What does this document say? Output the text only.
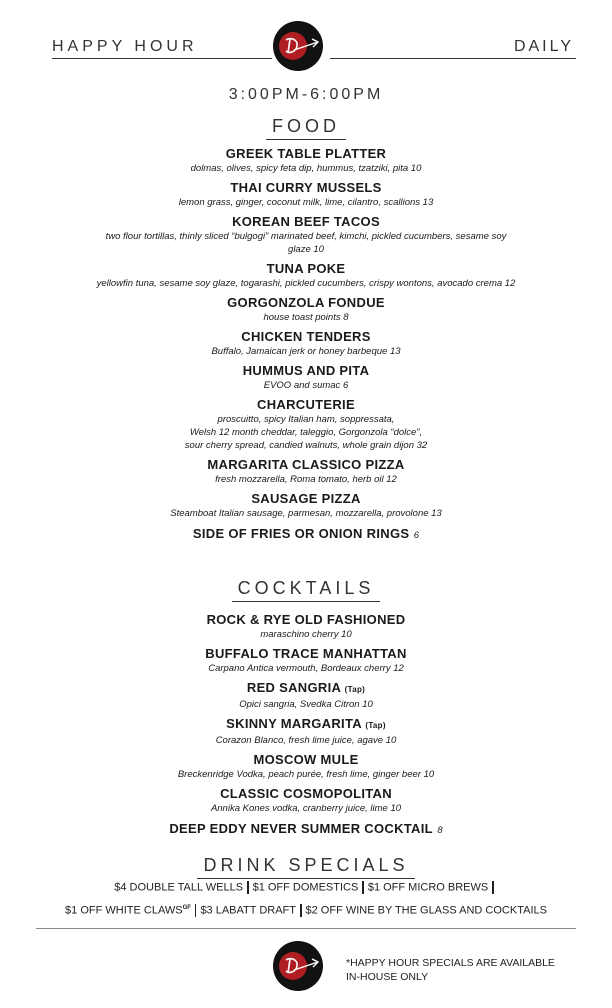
HAPPY HOUR	DAILY
3:00PM-6:00PM
FOOD
GREEK TABLE PLATTER
dolmas, olives, spicy feta dip, hummus, tzatziki, pita 10
THAI CURRY MUSSELS
lemon grass, ginger, coconut milk, lime, cilantro, scallions 13
KOREAN BEEF TACOS
two flour tortillas, thinly sliced “bulgogi” marinated beef, kimchi, pickled cucumbers, sesame soy
glaze 10
TUNA POKE
yellowfin tuna, sesame soy glaze, togarashi, pickled cucumbers, crispy wontons, avocado crema 12
GORGONZOLA FONDUE
house toast points 8
CHICKEN TENDERS
Buffalo, Jamaican jerk or honey barbeque 13
HUMMUS AND PITA
EVOO and sumac 6
CHARCUTERIE
proscuitto, spicy Italian ham, soppressata,
Welsh 12 month cheddar, taleggio, Gorgonzola “dolce”,
sour cherry spread, candied walnuts, whole grain dijon 32
MARGARITA CLASSICO PIZZA
fresh mozzarella, Roma tomato, herb oil 12
SAUSAGE PIZZA
Steamboat Italian sausage, parmesan, mozzarella, provolone 13
SIDE OF FRIES OR ONION RINGS 6
COCKTAILS
ROCK & RYE OLD FASHIONED
maraschino cherry 10
BUFFALO TRACE MANHATTAN
Carpano Antica vermouth, Bordeaux cherry 12
RED SANGRIA (Tap)
Opici sangria, Svedka Citron 10
SKINNY MARGARITA (Tap)
Corazon Blanco, fresh lime juice, agave 10
MOSCOW MULE
Breckenridge Vodka, peach purée, fresh lime, ginger beer 10
CLASSIC COSMOPOLITAN
Annika Kones vodka, cranberry juice, lime 10
DEEP EDDY NEVER SUMMER COCKTAIL 8
DRINK SPECIALS
$4 DOUBLE TALL WELLS $1 OFF DOMESTICS $1 OFF MICRO BREWS
$1 OFF WHITE $CLAWS^{GF}$ $3 LABATT DRAFT $2 OFF WINE BY THE GLASS AND COCKTAILS
*HAPPY HOUR SPECIALS ARE AVAILABLE
IN-HOUSE ONLY
